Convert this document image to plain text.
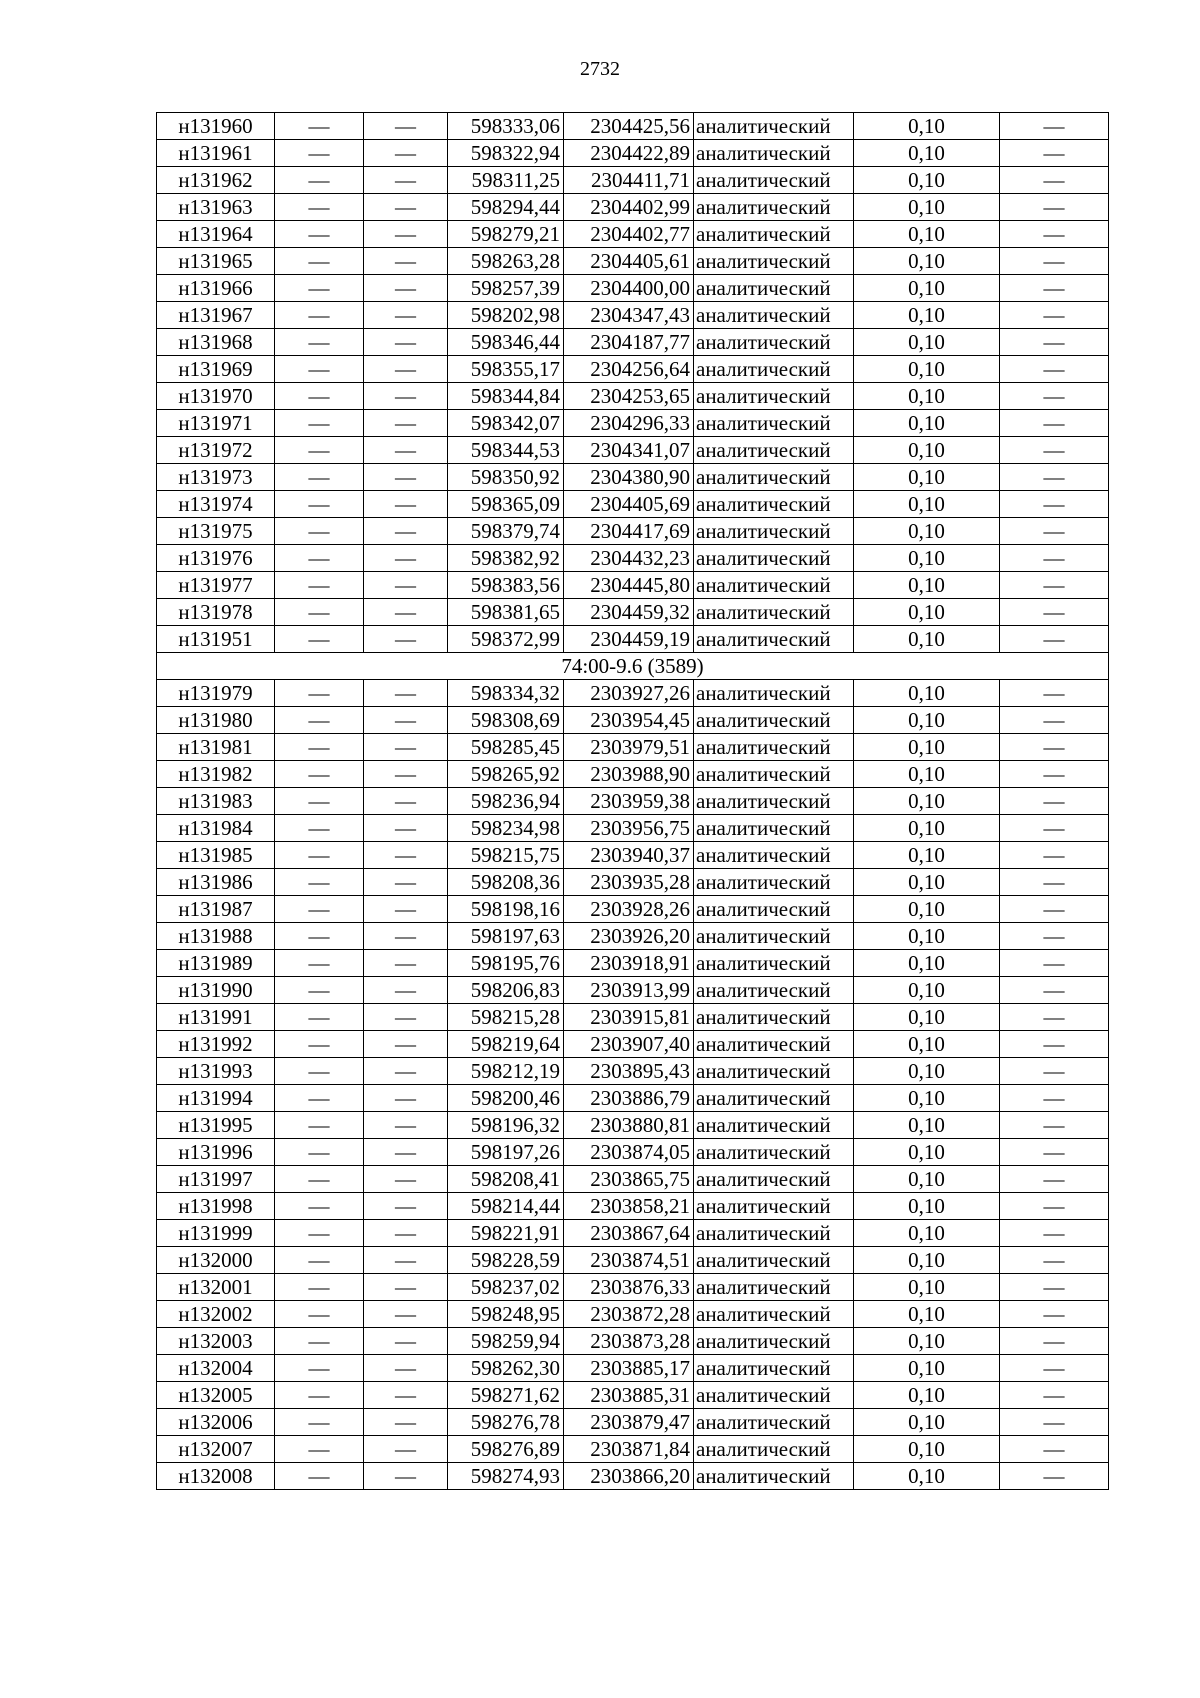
2732
н131960	—	—	598333,06	2304425,56	аналитический	0,10	—
н131961	—	—	598322,94	2304422,89	аналитический	0,10	—
н131962	—	—	598311,25	2304411,71	аналитический	0,10	—
н131963	—	—	598294,44	2304402,99	аналитический	0,10	—
н131964	—	—	598279,21	2304402,77	аналитический	0,10	—
н131965	—	—	598263,28	2304405,61	аналитический	0,10	—
н131966	—	—	598257,39	2304400,00	аналитический	0,10	—
н131967	—	—	598202,98	2304347,43	аналитический	0,10	—
н131968	—	—	598346,44	2304187,77	аналитический	0,10	—
н131969	—	—	598355,17	2304256,64	аналитический	0,10	—
н131970	—	—	598344,84	2304253,65	аналитический	0,10	—
н131971	—	—	598342,07	2304296,33	аналитический	0,10	—
н131972	—	—	598344,53	2304341,07	аналитический	0,10	—
н131973	—	—	598350,92	2304380,90	аналитический	0,10	—
н131974	—	—	598365,09	2304405,69	аналитический	0,10	—
н131975	—	—	598379,74	2304417,69	аналитический	0,10	—
н131976	—	—	598382,92	2304432,23	аналитический	0,10	—
н131977	—	—	598383,56	2304445,80	аналитический	0,10	—
н131978	—	—	598381,65	2304459,32	аналитический	0,10	—
н131951	—	—	598372,99	2304459,19	аналитический	0,10	—
74:00-9.6 (3589)							
н131979	—	—	598334,32	2303927,26	аналитический	0,10	—
н131980	—	—	598308,69	2303954,45	аналитический	0,10	—
н131981	—	—	598285,45	2303979,51	аналитический	0,10	—
н131982	—	—	598265,92	2303988,90	аналитический	0,10	—
н131983	—	—	598236,94	2303959,38	аналитический	0,10	—
н131984	—	—	598234,98	2303956,75	аналитический	0,10	—
н131985	—	—	598215,75	2303940,37	аналитический	0,10	—
н131986	—	—	598208,36	2303935,28	аналитический	0,10	—
н131987	—	—	598198,16	2303928,26	аналитический	0,10	—
н131988	—	—	598197,63	2303926,20	аналитический	0,10	—
н131989	—	—	598195,76	2303918,91	аналитический	0,10	—
н131990	—	—	598206,83	2303913,99	аналитический	0,10	—
н131991	—	—	598215,28	2303915,81	аналитический	0,10	—
н131992	—	—	598219,64	2303907,40	аналитический	0,10	—
н131993	—	—	598212,19	2303895,43	аналитический	0,10	—
н131994	—	—	598200,46	2303886,79	аналитический	0,10	—
н131995	—	—	598196,32	2303880,81	аналитический	0,10	—
н131996	—	—	598197,26	2303874,05	аналитический	0,10	—
н131997	—	—	598208,41	2303865,75	аналитический	0,10	—
н131998	—	—	598214,44	2303858,21	аналитический	0,10	—
н131999	—	—	598221,91	2303867,64	аналитический	0,10	—
н132000	—	—	598228,59	2303874,51	аналитический	0,10	—
н132001	—	—	598237,02	2303876,33	аналитический	0,10	—
н132002	—	—	598248,95	2303872,28	аналитический	0,10	—
н132003	—	—	598259,94	2303873,28	аналитический	0,10	—
н132004	—	—	598262,30	2303885,17	аналитический	0,10	—
н132005	—	—	598271,62	2303885,31	аналитический	0,10	—
н132006	—	—	598276,78	2303879,47	аналитический	0,10	—
н132007	—	—	598276,89	2303871,84	аналитический	0,10	—
н132008	—	—	598274,93	2303866,20	аналитический	0,10	—
